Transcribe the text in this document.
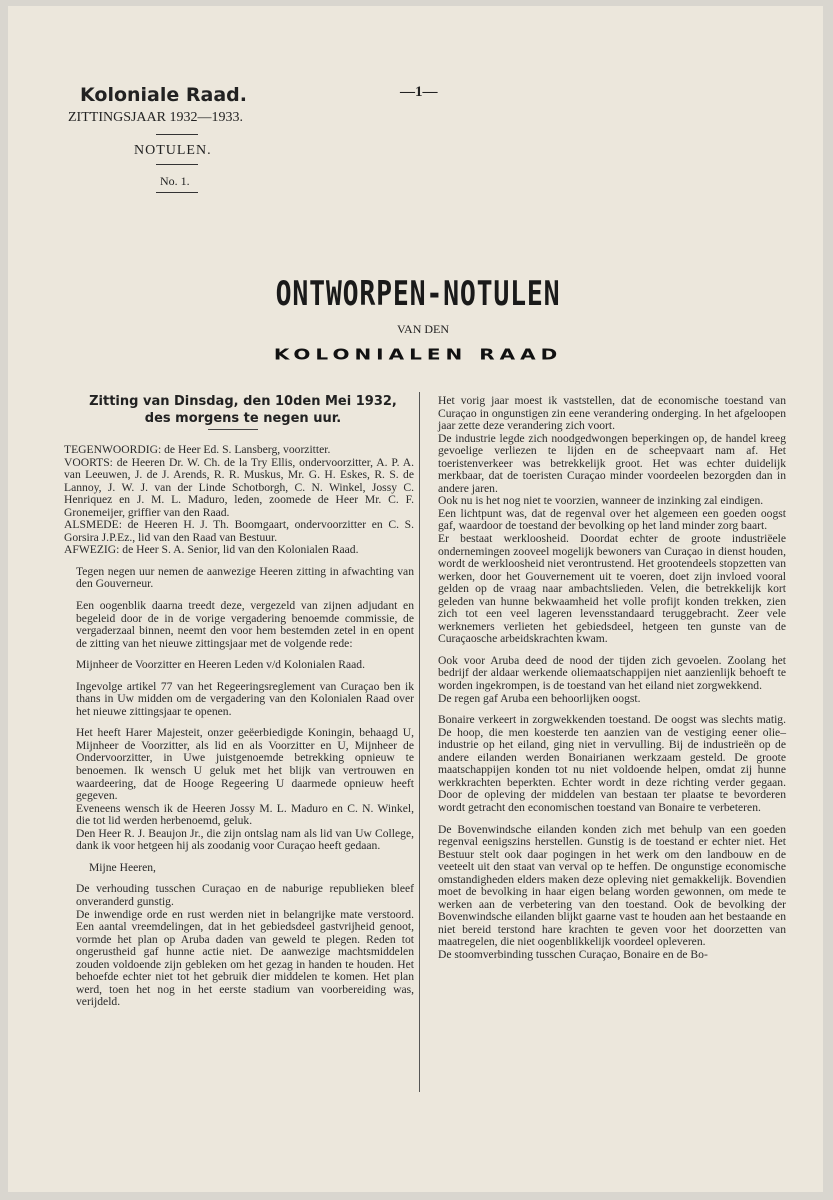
Koloniale Raad.
ZITTINGSJAAR 1932—1933.
NOTULEN.
No. 1.
—1—
ONTWORPEN-NOTULEN
VAN DEN
KOLONIALEN RAAD
Zitting van Dinsdag, den 10den Mei 1932, des morgens te negen uur.

TEGENWOORDIG: de Heer Ed. S. Lansberg, voorzitter.

VOORTS: de Heeren Dr. W. Ch. de la Try Ellis, ondervoorzitter, A. P. A. van Leeuwen, J. de J. Arends, R. R. Muskus, Mr. G. H. Eskes, R. S. de Lannoy, J. W. J. van der Linde Schotborgh, C. N. Winkel, Jossy C. Henriquez en J. M. L. Maduro, leden, zoomede de Heer Mr. C. F. Gronemeijer, griffier van den Raad.

ALSMEDE: de Heeren H. J. Th. Boomgaart, ondervoorzitter en C. S. Gorsira J.P.Ez., lid van den Raad van Bestuur.

AFWEZIG: de Heer S. A. Senior, lid van den Kolonialen Raad.

Tegen negen uur nemen de aanwezige Heeren zitting in afwachting van den Gouverneur.

Een oogenblik daarna treedt deze, vergezeld van zijnen adjudant en begeleid door de in de vorige vergadering benoemde commissie, de vergaderzaal binnen, neemt den voor hem bestemden zetel in en opent de zitting van het nieuwe zittingsjaar met de volgende rede:

Mijnheer de Voorzitter en Heeren Leden v/d Kolonialen Raad.

Ingevolge artikel 77 van het Regeeringsreglement van Curaçao ben ik thans in Uw midden om de vergadering van den Kolonialen Raad over het nieuwe zittingsjaar te openen.

Het heeft Harer Majesteit, onzer geëerbiedigde Koningin, behaagd U, Mijnheer de Voorzitter, als lid en als Voorzitter en U, Mijnheer de Ondervoorzitter, in Uwe juistgenoemde betrekking opnieuw te benoemen. Ik wensch U geluk met het blijk van vertrouwen en waardeering, dat de Hooge Regeering U daarmede opnieuw heeft gegeven.

Eveneens wensch ik de Heeren Jossy M. L. Maduro en C. N. Winkel, die tot lid werden herbenoemd, geluk.

Den Heer R. J. Beaujon Jr., die zijn ontslag nam als lid van Uw College, dank ik voor hetgeen hij als zoodanig voor Curaçao heeft gedaan.

Mijne Heeren,

De verhouding tusschen Curaçao en de naburige republieken bleef onveranderd gunstig.

De inwendige orde en rust werden niet in belangrijke mate verstoord. Een aantal vreemdelingen, dat in het gebiedsdeel gastvrijheid genoot, vormde het plan op Aruba daden van geweld te plegen. Reden tot ongerustheid gaf hunne actie niet. De aanwezige machtsmiddelen zouden voldoende zijn gebleken om het gezag in handen te houden. Het behoefde echter niet tot het gebruik dier middelen te komen. Het plan werd, toen het nog in het eerste stadium van voorbereiding was, verijdeld.

Het vorig jaar moest ik vaststellen, dat de economische toestand van Curaçao in ongunstigen zin eene verandering onderging. In het afgeloopen jaar zette deze verandering zich voort.

De industrie legde zich noodgedwongen beperkingen op, de handel kreeg gevoelige verliezen te lijden en de scheepvaart nam af. Het toeristenverkeer was betrekkelijk groot. Het was echter duidelijk merkbaar, dat de toeristen Curaçao minder voordeelen bezorgden dan in andere jaren.

Ook nu is het nog niet te voorzien, wanneer de inzinking zal eindigen.

Een lichtpunt was, dat de regenval over het algemeen een goeden oogst gaf, waardoor de toestand der bevolking op het land minder zorg baart.

Er bestaat werkloosheid. Doordat echter de groote industriëele ondernemingen zooveel mogelijk bewoners van Curaçao in dienst houden, wordt de werkloosheid niet verontrustend. Het grootendeels stopzetten van werken, door het Gouvernement uit te voeren, doet zijn invloed vooral gelden op de vraag naar ambachtslieden. Velen, die betrekkelijk kort geleden van hunne bekwaamheid het volle profijt konden trekken, zien zich tot een veel lageren levensstandaard teruggebracht. Zeer vele werknemers verlieten het gebiedsdeel, hetgeen ten gunste van de Curaçaosche arbeidskrachten kwam.

Ook voor Aruba deed de nood der tijden zich gevoelen. Zoolang het bedrijf der aldaar werkende oliemaatschappijen niet aanzienlijk behoeft te worden ingekrompen, is de toestand van het eiland niet zorgwekkend.

De regen gaf Aruba een behoorlijken oogst.

Bonaire verkeert in zorgwekkenden toestand. De oogst was slechts matig. De hoop, die men koesterde ten aanzien van de vestiging eener olie–industrie op het eiland, ging niet in vervulling. Bij de industrieën op de andere eilanden werden Bonairianen werkzaam gesteld. De groote maatschappijen konden tot nu niet voldoende helpen, omdat zij hunne werkkrachten beperkten. Echter wordt in deze richting verder gegaan. Door de opleving der middelen van bestaan ter plaatse te bevorderen wordt getracht den economischen toestand van Bonaire te verbeteren.

De Bovenwindsche eilanden konden zich met behulp van een goeden regenval eenigszins herstellen. Gunstig is de toestand er echter niet. Het Bestuur stelt ook daar pogingen in het werk om den landbouw en de veeteelt uit den staat van verval op te heffen. De ongunstige economische omstandigheden elders maken deze opleving niet gemakkelijk. Bovendien moet de bevolking in haar eigen belang worden gewonnen, om mede te werken aan de verbetering van den toestand. Ook de bevolking der Bovenwindsche eilanden blijkt gaarne vast te houden aan het bestaande en niet bereid terstond hare krachten te geven voor het doorzetten van maatregelen, die niet oogenblikkelijk voordeel opleveren.

De stoomverbinding tusschen Curaçao, Bonaire en de Bo-
